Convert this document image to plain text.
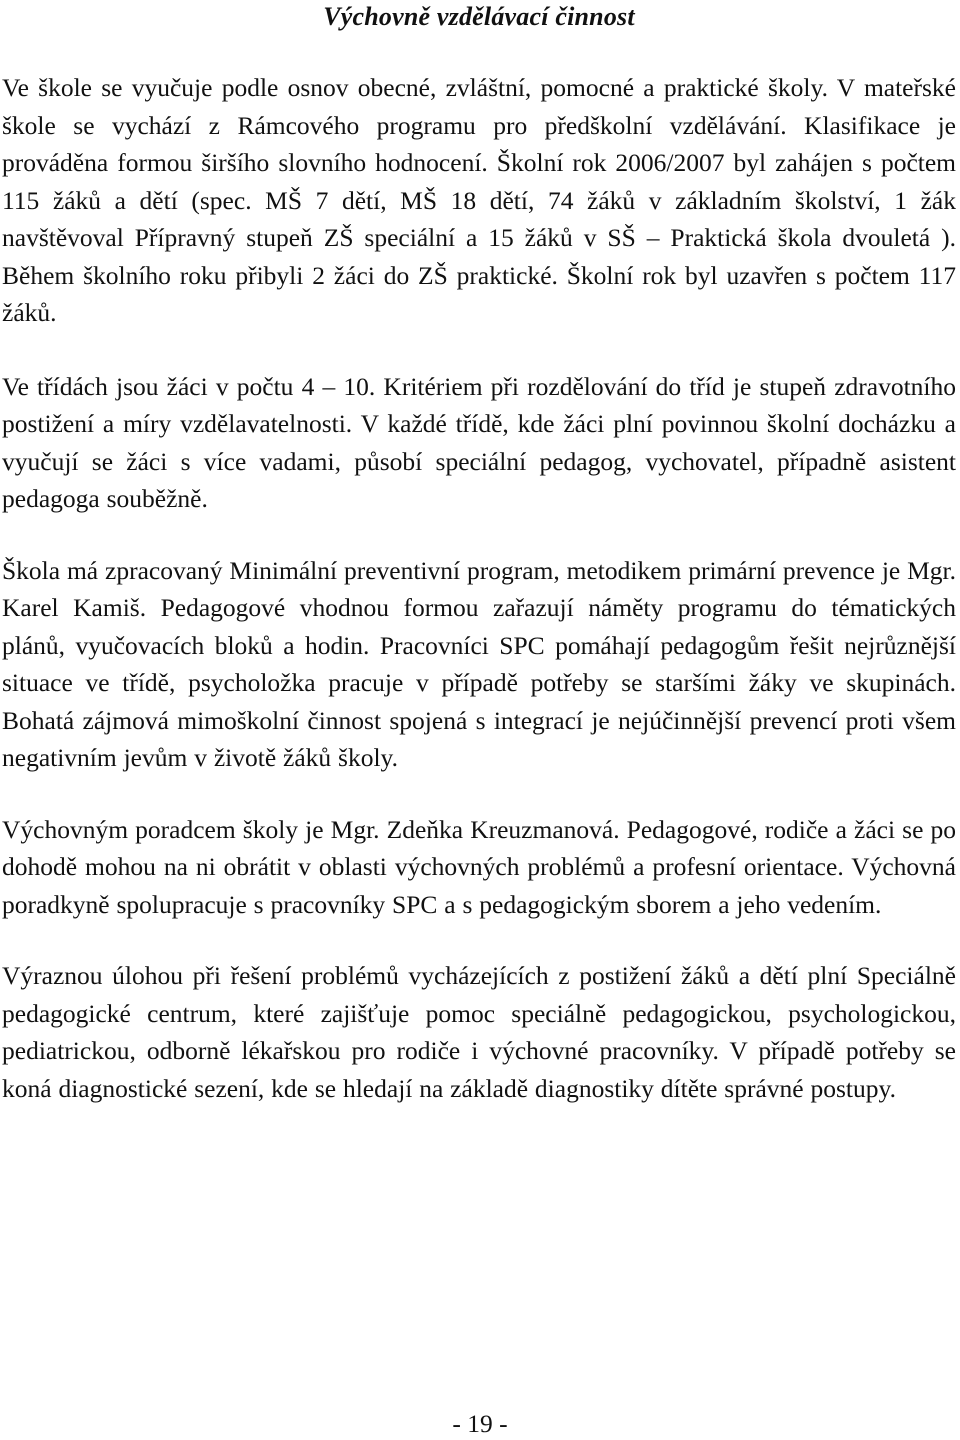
Výchovně vzdělávací činnost

Ve škole se vyučuje podle osnov obecné, zvláštní, pomocné a praktické školy. V mateřské škole se vychází z Rámcového programu pro předškolní vzdělávání. Klasifikace je prováděna formou širšího slovního hodnocení. Školní rok 2006/2007 byl zahájen s počtem 115 žáků a dětí (spec. MŠ 7 dětí, MŠ 18 dětí, 74 žáků v základním školství, 1 žák navštěvoval Přípravný stupeň ZŠ speciální a 15 žáků v SŠ – Praktická škola dvouletá ). Během školního roku přibyli 2 žáci do ZŠ praktické. Školní rok byl uzavřen s počtem 117 žáků.

Ve třídách jsou žáci v počtu 4 – 10. Kritériem při rozdělování do tříd je stupeň zdravotního postižení a míry vzdělavatelnosti. V každé třídě, kde žáci plní povinnou školní docházku a vyučují se žáci s více vadami, působí speciální pedagog, vychovatel, případně asistent pedagoga souběžně.

Škola má zpracovaný Minimální preventivní program, metodikem primární prevence je Mgr. Karel Kamiš. Pedagogové vhodnou formou zařazují náměty programu do tématických plánů, vyučovacích bloků a hodin. Pracovníci SPC pomáhají pedagogům řešit nejrůznější situace ve třídě, psycholožka pracuje v případě potřeby se staršími žáky ve skupinách. Bohatá zájmová mimoškolní činnost spojená s integrací je nejúčinnější prevencí proti všem negativním jevům v životě žáků školy.

Výchovným poradcem školy je Mgr. Zdeňka Kreuzmanová. Pedagogové, rodiče a žáci se po dohodě mohou na ni obrátit v oblasti výchovných problémů a profesní orientace. Výchovná poradkyně spolupracuje s pracovníky SPC a s pedagogickým sborem a jeho vedením.

Výraznou úlohou při řešení problémů vycházejících z postižení žáků a dětí plní Speciálně pedagogické centrum, které zajišťuje pomoc speciálně pedagogickou, psychologickou, pediatrickou, odborně lékařskou pro rodiče i výchovné pracovníky. V případě potřeby se koná diagnostické sezení, kde se hledají na základě diagnostiky dítěte správné postupy.

- 19 -
